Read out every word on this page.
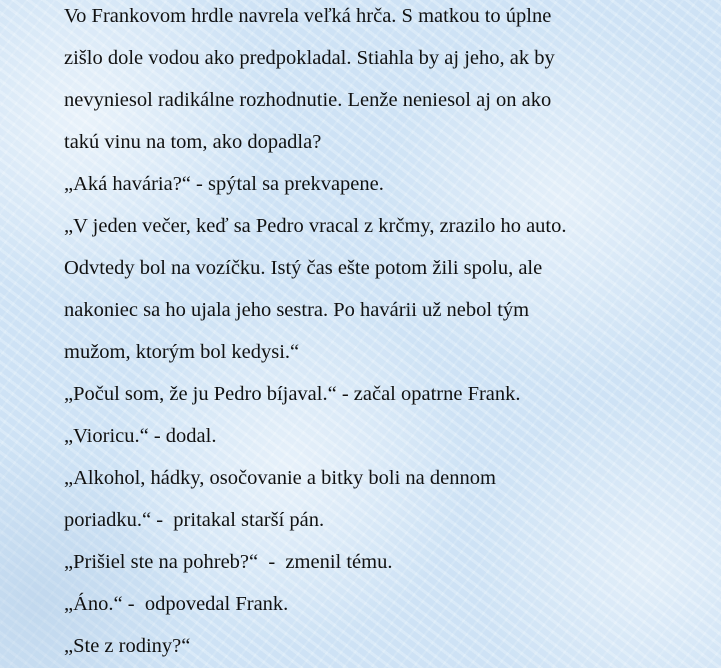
Vo Frankovom hrdle navrela veľká hrča. S matkou to úplne
zišlo dole vodou ako predpokladal. Stiahla by aj jeho, ak by
nevyniesol radikálne rozhodnutie. Lenže neniesol aj on ako
takú vinu na tom, ako dopadla?
„Aká havária?“ - spýtal sa prekvapene.
„V jeden večer, keď sa Pedro vracal z krčmy, zrazilo ho auto.
Odvtedy bol na vozíčku. Istý čas ešte potom žili spolu, ale
nakoniec sa ho ujala jeho sestra. Po havárii už nebol tým
mužom, ktorým bol kedysi.“
„Počul som, že ju Pedro bíjaval.“ - začal opatrne Frank.
„Vioricu.“ - dodal.
„Alkohol, hádky, osočovanie a bitky boli na dennom
poriadku.“ -  pritakal starší pán.
„Prišiel ste na pohreb?“  -  zmenil tému.
„Áno.“ -  odpovedal Frank.
„Ste z rodiny?“
